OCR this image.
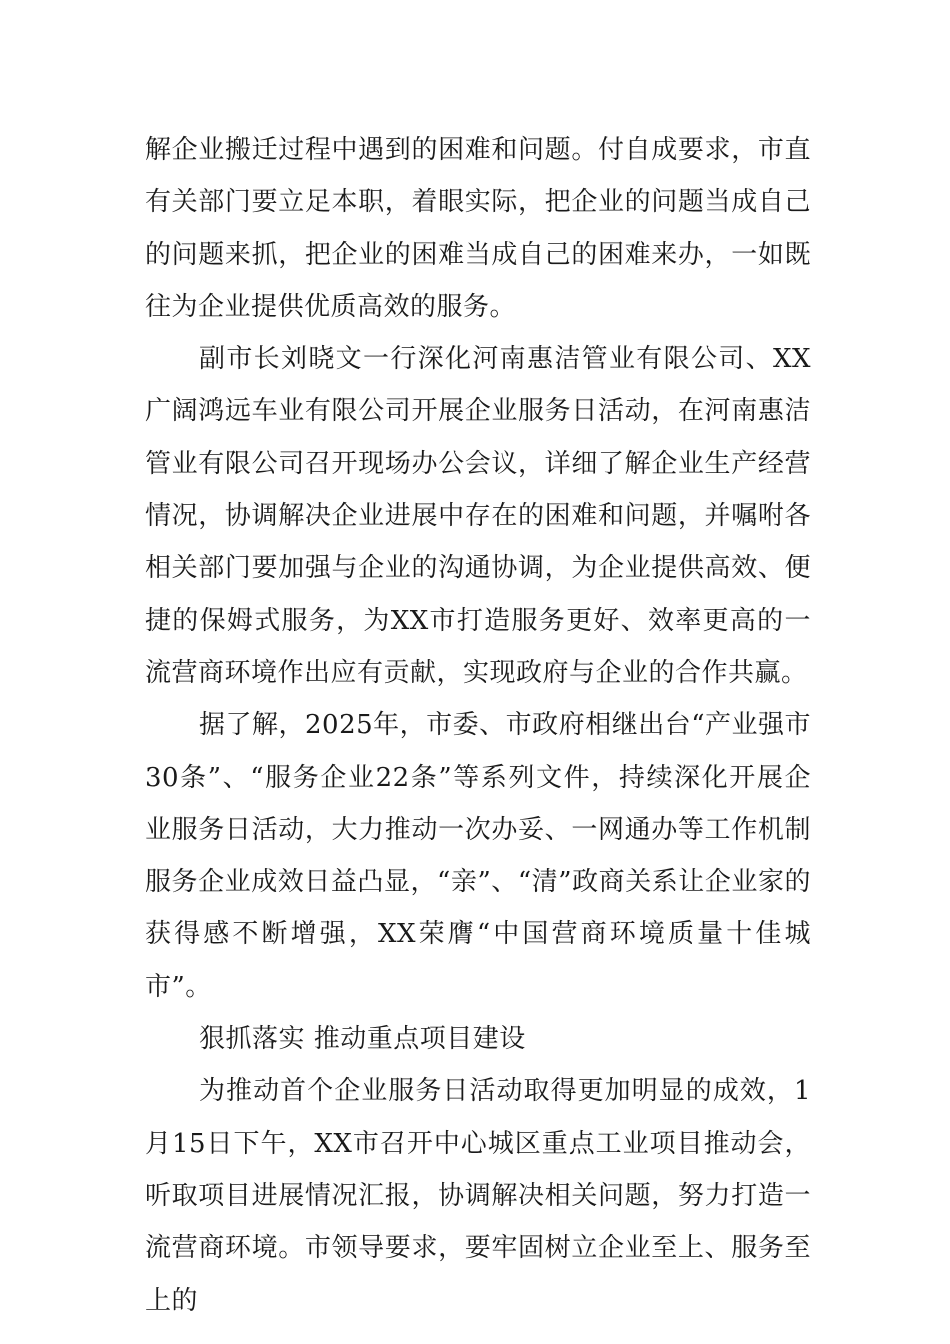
解企业搬迁过程中遇到的困难和问题。付自成要求，市直有关部门要立足本职，着眼实际，把企业的问题当成自己的问题来抓，把企业的困难当成自己的困难来办，一如既往为企业提供优质高效的服务。

副市长刘晓文一行深化河南惠洁管业有限公司、XX广阔鸿远车业有限公司开展企业服务日活动，在河南惠洁管业有限公司召开现场办公会议，详细了解企业生产经营情况，协调解决企业进展中存在的困难和问题，并嘱咐各相关部门要加强与企业的沟通协调，为企业提供高效、便捷的保姆式服务，为XX市打造服务更好、效率更高的一流营商环境作出应有贡献，实现政府与企业的合作共赢。

据了解，2025年，市委、市政府相继出台“产业强市30条”、“服务企业22条”等系列文件，持续深化开展企业服务日活动，大力推动一次办妥、一网通办等工作机制服务企业成效日益凸显，“亲”、“清”政商关系让企业家的获得感不断增强，XX荣膺“中国营商环境质量十佳城市”。

狠抓落实 推动重点项目建设

为推动首个企业服务日活动取得更加明显的成效，1月15日下午，XX市召开中心城区重点工业项目推动会，听取项目进展情况汇报，协调解决相关问题，努力打造一流营商环境。市领导要求，要牢固树立企业至上、服务至上的
